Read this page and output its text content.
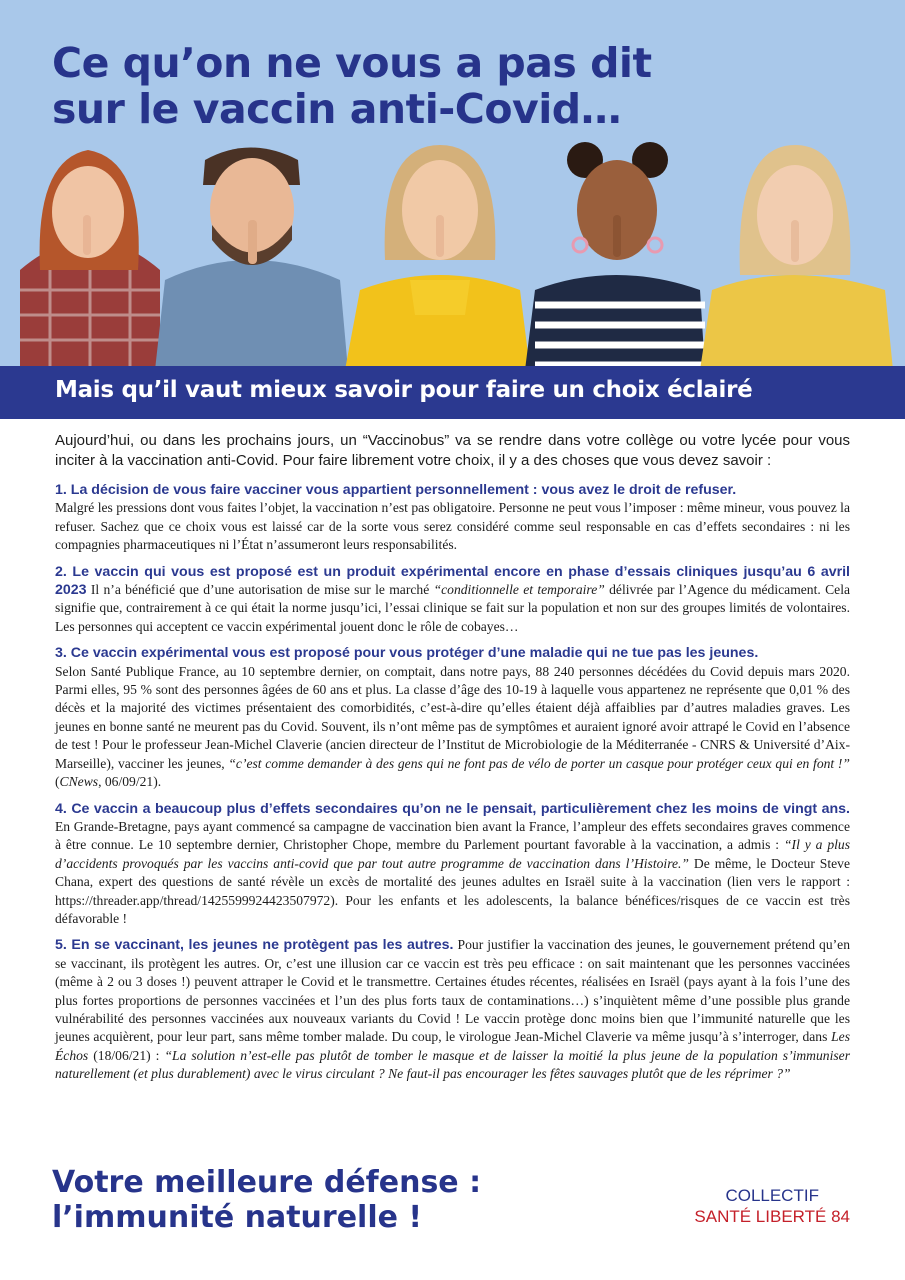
Ce qu’on ne vous a pas dit
sur le vaccin anti-Covid…
Mais qu’il vaut mieux savoir pour faire un choix éclairé

Aujourd’hui, ou dans les prochains jours, un “Vaccinobus” va se rendre dans votre collège ou votre lycée pour vous inciter à la vaccination anti-Covid. Pour faire librement votre choix, il y a des choses que vous devez savoir :

1. La décision de vous faire vacciner vous appartient personnellement : vous avez le droit de refuser.
Malgré les pressions dont vous faites l’objet, la vaccination n’est pas obligatoire. Personne ne peut vous l’imposer : même mineur, vous pouvez la refuser. Sachez que ce choix vous est laissé car de la sorte vous serez considéré comme seul responsable en cas d’effets secondaires : ni les compagnies pharmaceutiques ni l’État n’assumeront leurs responsabilités.

2. Le vaccin qui vous est proposé est un produit expérimental encore en phase d’essais cliniques jusqu’au 6 avril 2023 Il n’a bénéficié que d’une autorisation de mise sur le marché “conditionnelle et temporaire” délivrée par l’Agence du médicament. Cela signifie que, contrairement à ce qui était la norme jusqu’ici, l’essai clinique se fait sur la population et non sur des groupes limités de volontaires. Les personnes qui acceptent ce vaccin expérimental jouent donc le rôle de cobayes…

3. Ce vaccin expérimental vous est proposé pour vous protéger d’une maladie qui ne tue pas les jeunes.
Selon Santé Publique France, au 10 septembre dernier, on comptait, dans notre pays, 88 240 personnes décédées du Covid depuis mars 2020. Parmi elles, 95 % sont des personnes âgées de 60 ans et plus. La classe d’âge des 10-19 à laquelle vous appartenez ne représente que 0,01 % des décès et la majorité des victimes présentaient des comorbidités, c’est-à-dire qu’elles étaient déjà affaiblies par d’autres maladies graves. Les jeunes en bonne santé ne meurent pas du Covid. Souvent, ils n’ont même pas de symptômes et auraient ignoré avoir attrapé le Covid en l’absence de test ! Pour le professeur Jean-Michel Claverie (ancien directeur de l’Institut de Microbiologie de la Méditerranée - CNRS & Université d’Aix-Marseille), vacciner les jeunes, “c’est comme demander à des gens qui ne font pas de vélo de porter un casque pour protéger ceux qui en font !” (CNews, 06/09/21).

4. Ce vaccin a beaucoup plus d’effets secondaires qu’on ne le pensait, particulièrement chez les moins de vingt ans. En Grande-Bretagne, pays ayant commencé sa campagne de vaccination bien avant la France, l’ampleur des effets secondaires graves commence à être connue. Le 10 septembre dernier, Christopher Chope, membre du Parlement pourtant favorable à la vaccination, a admis : “Il y a plus d’accidents provoqués par les vaccins anti-covid que par tout autre programme de vaccination dans l’Histoire.” De même, le Docteur Steve Chana, expert des questions de santé révèle un excès de mortalité des jeunes adultes en Israël suite à la vaccination (lien vers le rapport : https://threader.app/thread/1425599924423507972). Pour les enfants et les adolescents, la balance bénéfices/risques de ce vaccin est très défavorable !

5. En se vaccinant, les jeunes ne protègent pas les autres. Pour justifier la vaccination des jeunes, le gouvernement prétend qu’en se vaccinant, ils protègent les autres. Or, c’est une illusion car ce vaccin est très peu efficace : on sait maintenant que les personnes vaccinées (même à 2 ou 3 doses !) peuvent attraper le Covid et le transmettre. Certaines études récentes, réalisées en Israël (pays ayant à la fois l’une des plus fortes proportions de personnes vaccinées et l’un des plus forts taux de contaminations…) s’inquiètent même d’une possible plus grande vulnérabilité des personnes vaccinées aux nouveaux variants du Covid ! Le vaccin protège donc moins bien que l’immunité naturelle que les jeunes acquièrent, pour leur part, sans même tomber malade. Du coup, le virologue Jean-Michel Claverie va même jusqu’à s’interroger, dans Les Échos (18/06/21) : “La solution n’est-elle pas plutôt de tomber le masque et de laisser la moitié la plus jeune de la population s’immuniser naturellement (et plus durablement) avec le virus circulant ? Ne faut-il pas encourager les fêtes sauvages plutôt que de les réprimer ?”

Votre meilleure défense :
l’immunité naturelle !
COLLECTIF
SANTÉ LIBERTÉ 84
